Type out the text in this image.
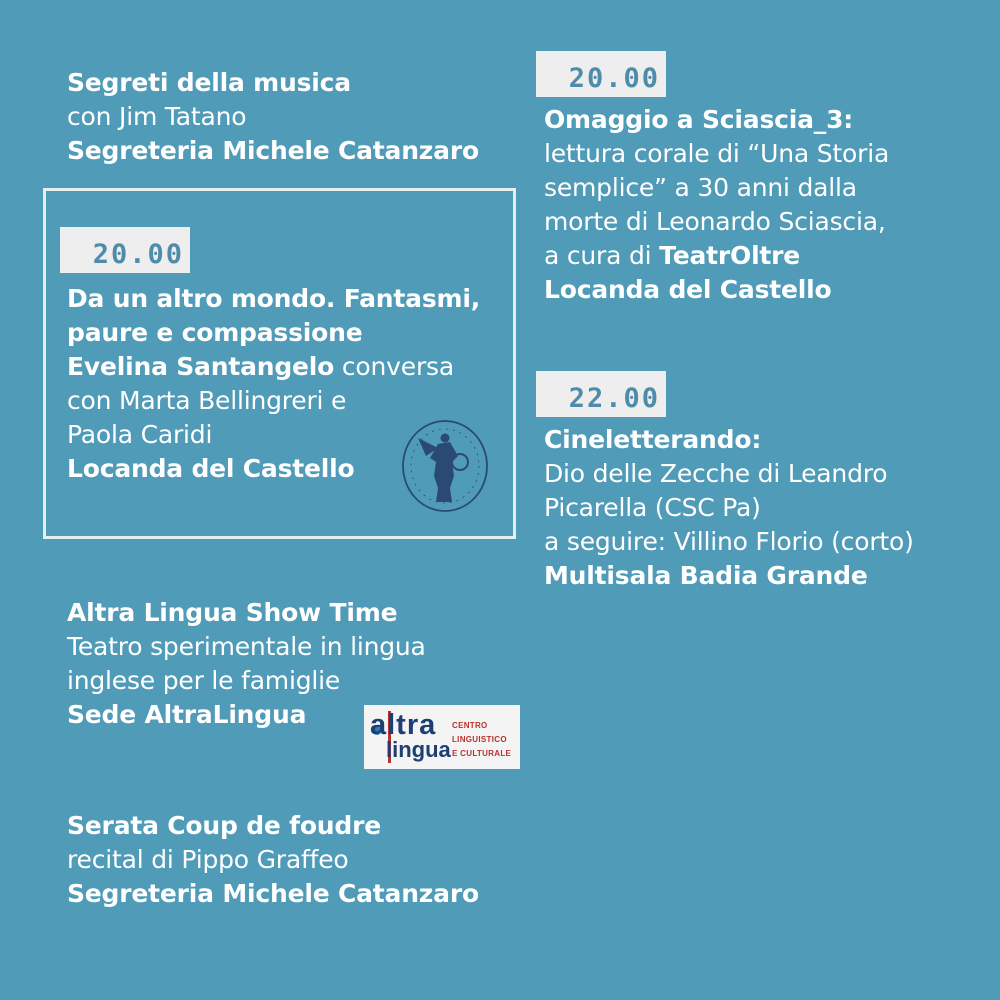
Segreti della musica
con Jim Tatano
Segreteria Michele Catanzaro
20.00
Da un altro mondo. Fantasmi,
paure e compassione
Evelina Santangelo conversa
con Marta Bellingreri e
Paola Caridi
Locanda del Castello
Altra Lingua Show Time
Teatro sperimentale in lingua
inglese per le famiglie
Sede AltraLingua	altra
lingua
CENTRO
LINGUISTICO
E CULTURALE
Serata Coup de foudre
recital di Pippo Graffeo
Segreteria Michele Catanzaro
20.00
Omaggio a Sciascia_3:
lettura corale di “Una Storia
semplice” a 30 anni dalla
morte di Leonardo Sciascia,
a cura di TeatrOltre
Locanda del Castello
22.00
Cineletterando:
Dio delle Zecche di Leandro
Picarella (CSC Pa)
a seguire: Villino Florio (corto)
Multisala Badia Grande
